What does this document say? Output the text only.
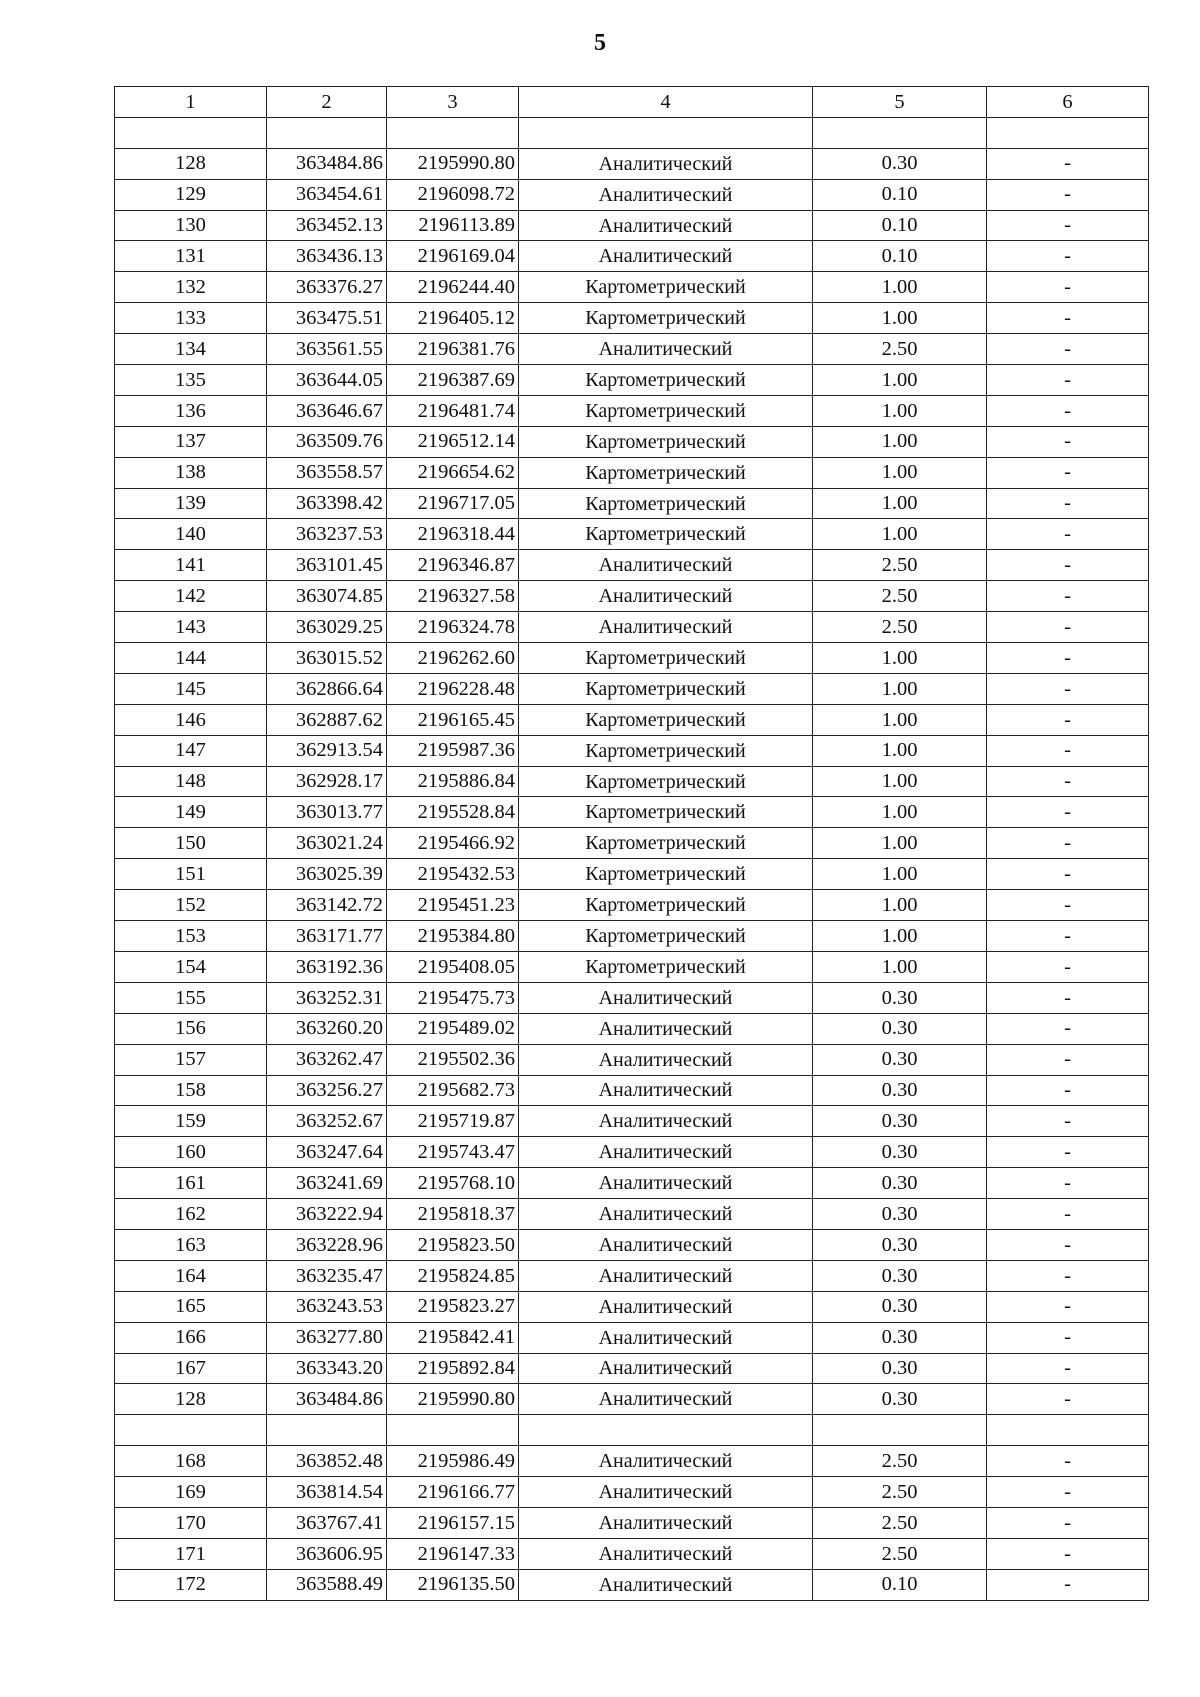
5
1	2	3	4	5	6

128	363484.86	2195990.80	Аналитический	0.30	-
129	363454.61	2196098.72	Аналитический	0.10	-
130	363452.13	2196113.89	Аналитический	0.10	-
131	363436.13	2196169.04	Аналитический	0.10	-
132	363376.27	2196244.40	Картометрический	1.00	-
133	363475.51	2196405.12	Картометрический	1.00	-
134	363561.55	2196381.76	Аналитический	2.50	-
135	363644.05	2196387.69	Картометрический	1.00	-
136	363646.67	2196481.74	Картометрический	1.00	-
137	363509.76	2196512.14	Картометрический	1.00	-
138	363558.57	2196654.62	Картометрический	1.00	-
139	363398.42	2196717.05	Картометрический	1.00	-
140	363237.53	2196318.44	Картометрический	1.00	-
141	363101.45	2196346.87	Аналитический	2.50	-
142	363074.85	2196327.58	Аналитический	2.50	-
143	363029.25	2196324.78	Аналитический	2.50	-
144	363015.52	2196262.60	Картометрический	1.00	-
145	362866.64	2196228.48	Картометрический	1.00	-
146	362887.62	2196165.45	Картометрический	1.00	-
147	362913.54	2195987.36	Картометрический	1.00	-
148	362928.17	2195886.84	Картометрический	1.00	-
149	363013.77	2195528.84	Картометрический	1.00	-
150	363021.24	2195466.92	Картометрический	1.00	-
151	363025.39	2195432.53	Картометрический	1.00	-
152	363142.72	2195451.23	Картометрический	1.00	-
153	363171.77	2195384.80	Картометрический	1.00	-
154	363192.36	2195408.05	Картометрический	1.00	-
155	363252.31	2195475.73	Аналитический	0.30	-
156	363260.20	2195489.02	Аналитический	0.30	-
157	363262.47	2195502.36	Аналитический	0.30	-
158	363256.27	2195682.73	Аналитический	0.30	-
159	363252.67	2195719.87	Аналитический	0.30	-
160	363247.64	2195743.47	Аналитический	0.30	-
161	363241.69	2195768.10	Аналитический	0.30	-
162	363222.94	2195818.37	Аналитический	0.30	-
163	363228.96	2195823.50	Аналитический	0.30	-
164	363235.47	2195824.85	Аналитический	0.30	-
165	363243.53	2195823.27	Аналитический	0.30	-
166	363277.80	2195842.41	Аналитический	0.30	-
167	363343.20	2195892.84	Аналитический	0.30	-
128	363484.86	2195990.80	Аналитический	0.30	-

168	363852.48	2195986.49	Аналитический	2.50	-
169	363814.54	2196166.77	Аналитический	2.50	-
170	363767.41	2196157.15	Аналитический	2.50	-
171	363606.95	2196147.33	Аналитический	2.50	-
172	363588.49	2196135.50	Аналитический	0.10	-
